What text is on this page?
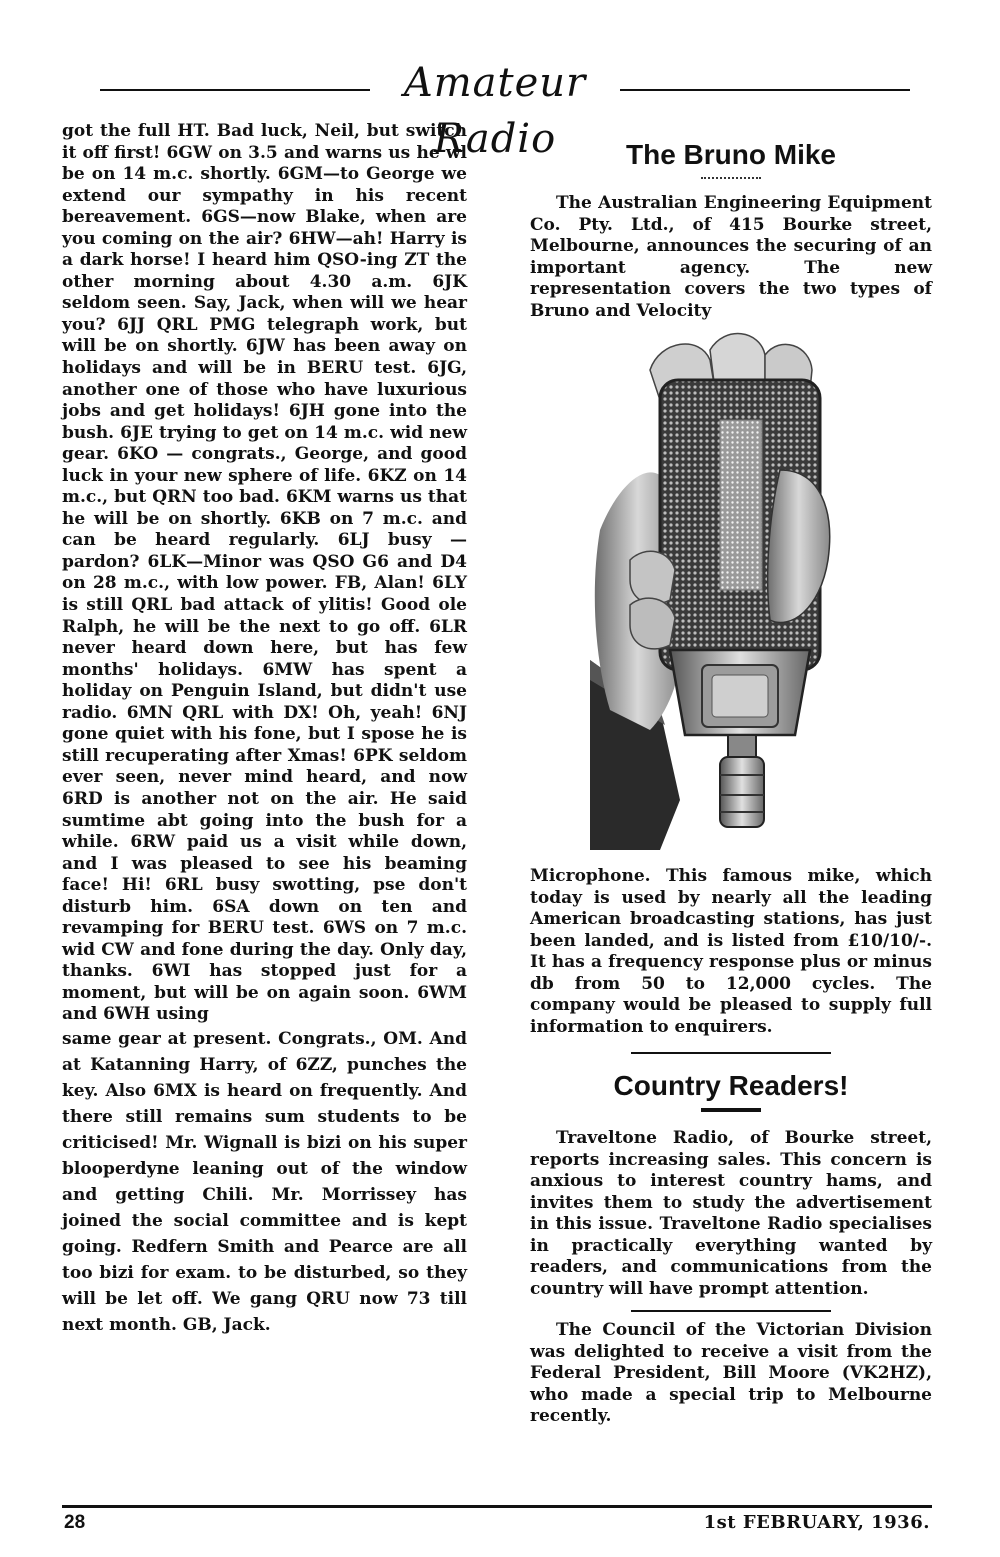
Amateur Radio

got the full HT. Bad luck, Neil, but switch it off first! 6GW on 3.5 and warns us he wl be on 14 m.c. shortly. 6GM—to George we extend our sympathy in his recent bereavement. 6GS—now Blake, when are you coming on the air? 6HW—ah! Harry is a dark horse! I heard him QSO-ing ZT the other morning about 4.30 a.m. 6JK seldom seen. Say, Jack, when will we hear you? 6JJ QRL PMG telegraph work, but will be on shortly. 6JW has been away on holidays and will be in BERU test. 6JG, another one of those who have luxurious jobs and get holidays! 6JH gone into the bush. 6JE trying to get on 14 m.c. wid new gear. 6KO — congrats., George, and good luck in your new sphere of life. 6KZ on 14 m.c., but QRN too bad. 6KM warns us that he will be on shortly. 6KB on 7 m.c. and can be heard regularly. 6LJ busy —pardon? 6LK—Minor was QSO G6 and D4 on 28 m.c., with low power. FB, Alan! 6LY is still QRL bad attack of ylitis! Good ole Ralph, he will be the next to go off. 6LR never heard down here, but has few months' holidays. 6MW has spent a holiday on Penguin Island, but didn't use radio. 6MN QRL with DX! Oh, yeah! 6NJ gone quiet with his fone, but I spose he is still recuperating after Xmas! 6PK seldom ever seen, never mind heard, and now 6RD is another not on the air. He said sumtime abt going into the bush for a while. 6RW paid us a visit while down, and I was pleased to see his beaming face! Hi! 6RL busy swotting, pse don't disturb him. 6SA down on ten and revamping for BERU test. 6WS on 7 m.c. wid CW and fone during the day. Only day, thanks. 6WI has stopped just for a moment, but will be on again soon. 6WM and 6WH using

same gear at present. Congrats., OM. And at Katanning Harry, of 6ZZ, punches the key. Also 6MX is heard on frequently. And there still remains sum students to be criticised! Mr. Wignall is bizi on his super blooperdyne leaning out of the window and getting Chili. Mr. Morrissey has joined the social committee and is kept going. Redfern Smith and Pearce are all too bizi for exam. to be disturbed, so they will be let off. We gang QRU now 73 till next month. GB, Jack.

The Bruno Mike

The Australian Engineering Equipment Co. Pty. Ltd., of 415 Bourke street, Melbourne, announces the securing of an important agency. The new representation covers the two types of Bruno and Velocity

Microphone. This famous mike, which today is used by nearly all the leading American broadcasting stations, has just been landed, and is listed from £10/10/-. It has a frequency response plus or minus db from 50 to 12,000 cycles. The company would be pleased to supply full information to enquirers.

Country Readers!

Traveltone Radio, of Bourke street, reports increasing sales. This concern is anxious to interest country hams, and invites them to study the advertisement in this issue. Traveltone Radio specialises in practically everything wanted by readers, and communications from the country will have prompt attention.

The Council of the Victorian Division was delighted to receive a visit from the Federal President, Bill Moore (VK2HZ), who made a special trip to Melbourne recently.

28	1st FEBRUARY, 1936.
